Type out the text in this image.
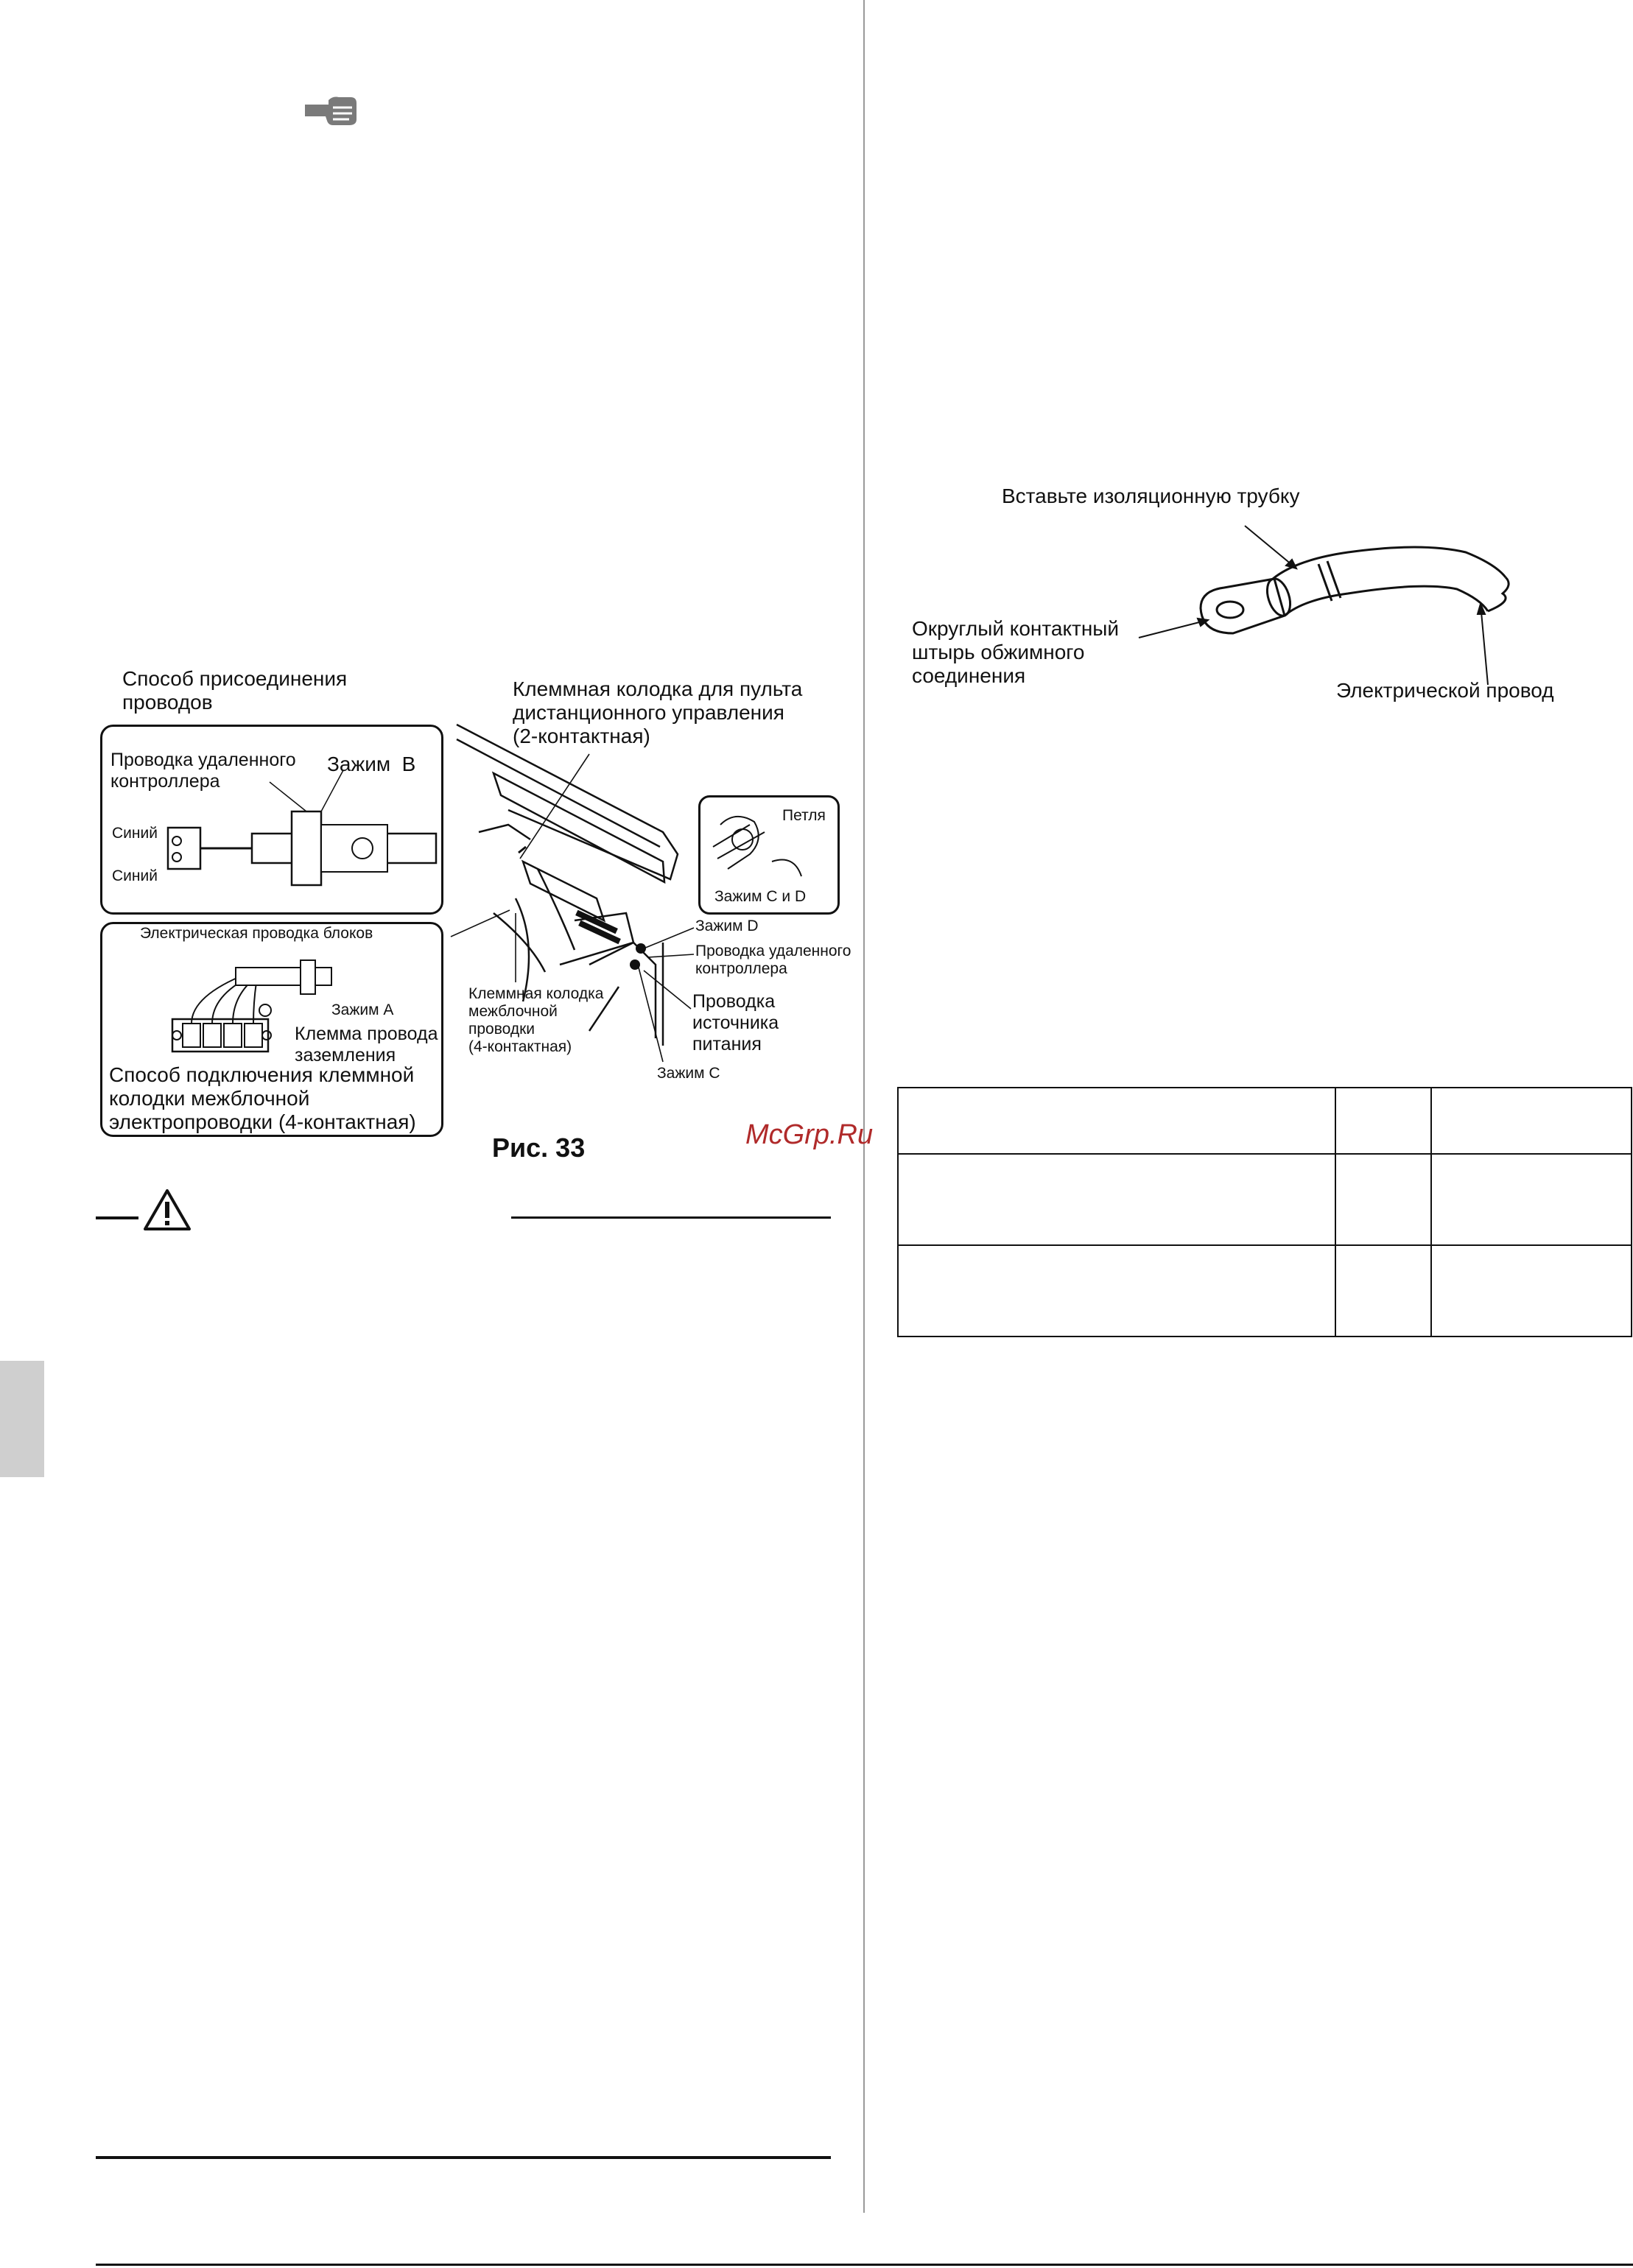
Проводка удаленного
контроллера
Зажим  B
Синий
Синий
Способ присоединения
проводов
Электрическая проводка блоков
Зажим А
Клемма провода
заземления
Способ подключения клеммной
колодки межблочной
электропроводки (4-контактная)
Петля
Зажим С и D
Клеммная колодка для пульта
дистанционного управления
(2-контактная)
Зажим D
Проводка удаленного
контроллера
Проводка
источника
питания
Клеммная колодка
межблочной
проводки
(4-контактная)
Зажим С
Рис. 33	McGrp.Ru
Вставьте изоляционную трубку
Округлый контактный
штырь обжимного
соединения
Электрической провод
